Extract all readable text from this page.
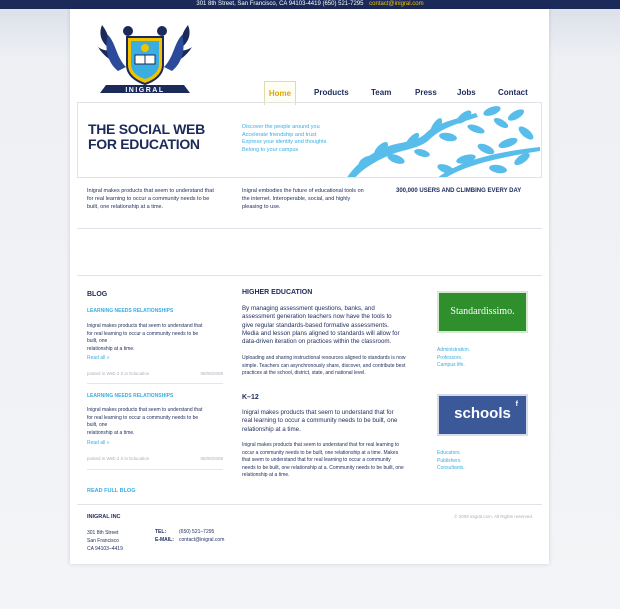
301 8th Street, San Francisco, CA 94103-4419 (650) 521-7295 contact@inigral.com
INIGRAL	Home	Products	Team	Press	Jobs	Contact
THE SOCIAL WEB
FOR EDUCATION
Discover the people around you
Accelerate friendship and trust
Express your identity and thoughts
Belong to your campus
Inigral makes products that seem to understand that
for real learning to occur a community needs to be
built, one relationship at a time.
Inigral embodies the future of educational tools on
the internet. Interoperable, social, and highly
pleasing to use.
300,000 USERS AND CLIMBING EVERY DAY
BLOG
LEARNING NEEDS RELATIONSHIPS
Inigral makes products that seem to understand that
for real learning to occur a community needs to be built, one
relationship at a time.
Read all »
posted in Web 2.0 in Education	08/08/2008
LEARNING NEEDS RELATIONSHIPS
Inigral makes products that seem to understand that
for real learning to occur a community needs to be built, one
relationship at a time.
Read all »
posted in Web 2.0 in Education	08/08/2008
READ FULL BLOG
HIGHER EDUCATION
By managing assessment questions, banks, and
assessment generation teachers now have the tools to
give regular standards-based formative assessments.
Media and lesson plans aligned to standards will allow for
data-driven iteration on practices within the classroom.
Uploading and sharing instructional resources aligned to standards is now
simple. Teachers can asynchronously share, discover, and contribute best
practices at the school, district, state, and national level.
K–12
Inigral makes products that seem to understand that for
real learning to occur a community needs to be built, one
relationship at a time.
Inigral makes products that seem to understand that for real learning to
occur a community needs to be built, one relationship at a time. Makes
that seem to understand that for real learning to occur a community
needs to be built, one relationship at a. Community needs to be built, one
relationship at a time.
Standardissimo.
Administration.
Professors.
Campus life.
schools
f
Educators.
Publishers.
Consultants.
INIGRAL INC	© 2008 inigral.com. All Rights reserved.
301 8th Street
San Francisco
CA 94103–4419
TEL:	(650) 521–7295
E-MAIL: contact@inigral.com
